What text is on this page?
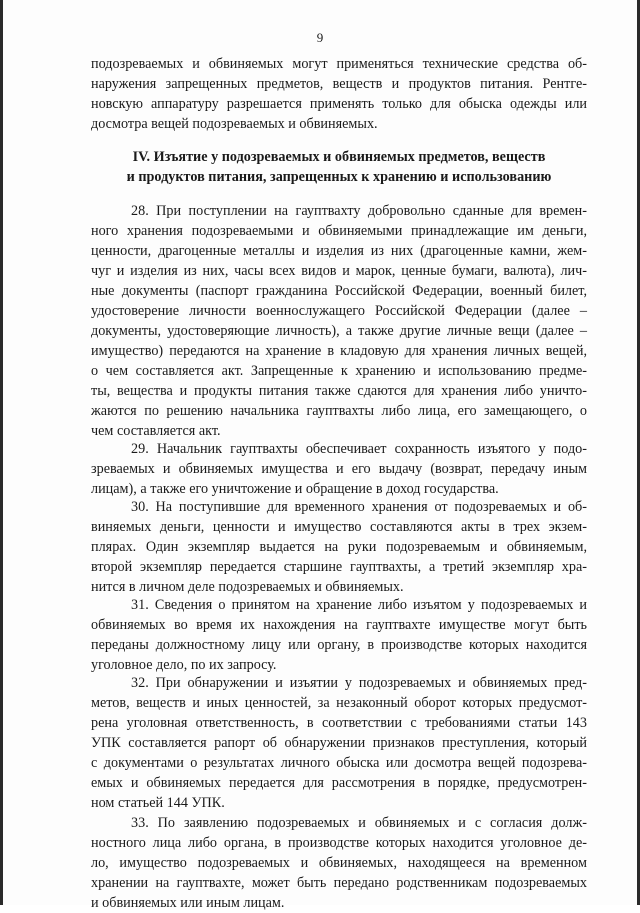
9
подозреваемых и обвиняемых могут применяться технические средства об-
наружения запрещенных предметов, веществ и продуктов питания. Рентге-
новскую аппаратуру разрешается применять только для обыска одежды или
досмотра вещей подозреваемых и обвиняемых.
IV. Изъятие у подозреваемых и обвиняемых предметов, веществ
и продуктов питания, запрещенных к хранению и использованию
28. При поступлении на гауптвахту добровольно сданные для времен-
ного хранения подозреваемыми и обвиняемыми принадлежащие им деньги,
ценности, драгоценные металлы и изделия из них (драгоценные камни, жем-
чуг и изделия из них, часы всех видов и марок, ценные бумаги, валюта), лич-
ные документы (паспорт гражданина Российской Федерации, военный билет,
удостоверение личности военнослужащего Российской Федерации (далее –
документы, удостоверяющие личность), а также другие личные вещи (далее –
имущество) передаются на хранение в кладовую для хранения личных вещей,
о чем составляется акт. Запрещенные к хранению и использованию предме-
ты, вещества и продукты питания также сдаются для хранения либо уничто-
жаются по решению начальника гауптвахты либо лица, его замещающего, о
чем составляется акт.
29. Начальник гауптвахты обеспечивает сохранность изъятого у подо-
зреваемых и обвиняемых имущества и его выдачу (возврат, передачу иным
лицам), а также его уничтожение и обращение в доход государства.
30. На поступившие для временного хранения от подозреваемых и об-
виняемых деньги, ценности и имущество составляются акты в трех экзем-
плярах. Один экземпляр выдается на руки подозреваемым и обвиняемым,
второй экземпляр передается старшине гауптвахты, а третий экземпляр хра-
нится в личном деле подозреваемых и обвиняемых.
31. Сведения о принятом на хранение либо изъятом у подозреваемых и
обвиняемых во время их нахождения на гауптвахте имуществе могут быть
переданы должностному лицу или органу, в производстве которых находится
уголовное дело, по их запросу.
32. При обнаружении и изъятии у подозреваемых и обвиняемых пред-
метов, веществ и иных ценностей, за незаконный оборот которых предусмот-
рена уголовная ответственность, в соответствии с требованиями статьи 143
УПК составляется рапорт об обнаружении признаков преступления, который
с документами о результатах личного обыска или досмотра вещей подозрева-
емых и обвиняемых передается для рассмотрения в порядке, предусмотрен-
ном статьей 144 УПК.
33. По заявлению подозреваемых и обвиняемых и с согласия долж-
ностного лица либо органа, в производстве которых находится уголовное де-
ло, имущество подозреваемых и обвиняемых, находящееся на временном
хранении на гауптвахте, может быть передано родственникам подозреваемых
и обвиняемых или иным лицам.
